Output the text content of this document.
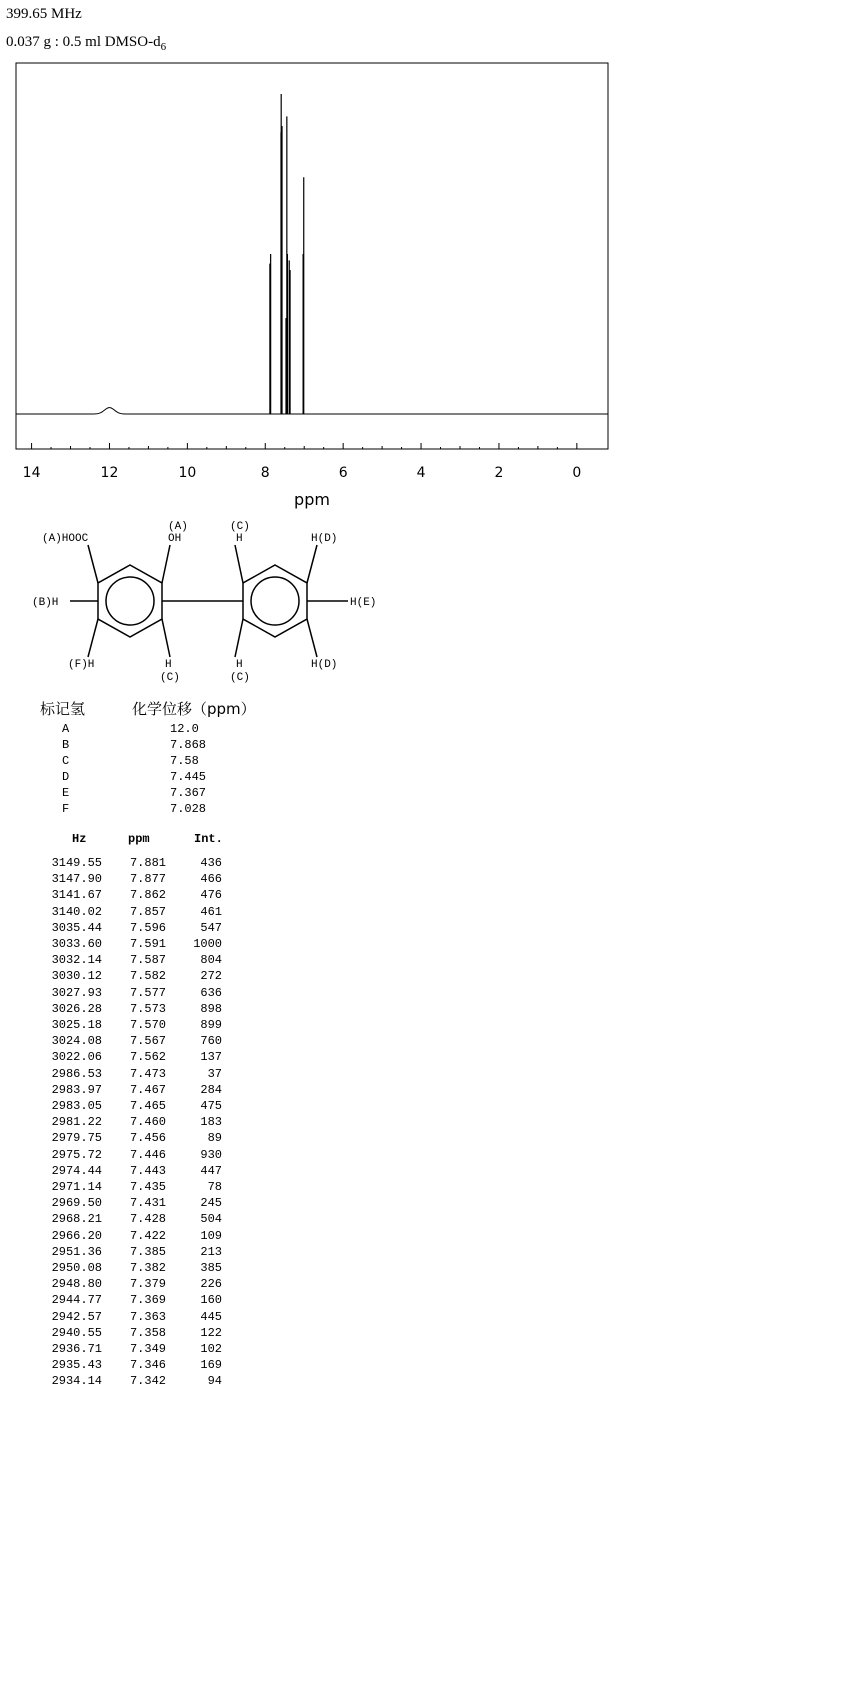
399.65 MHz
0.037 g : 0.5 ml DMSO-$d_6$
14	12	10	8	6	4	2	0
ppm
(A)HOOC
(A)
OH
(B)H
(F)H	H
(C)
(C)
H
H
(C)
H(D)
H(D)
H(E)
标记氢	化学位移（ppm）
A	12.0
B	7.868
C	7.58
D	7.445
E	7.367
F	7.028
Hz	ppm	Int.
3149.55	7.881	436
3147.90	7.877	466
3141.67	7.862	476
3140.02	7.857	461
3035.44	7.596	547
3033.60	7.591	1000
3032.14	7.587	804
3030.12	7.582	272
3027.93	7.577	636
3026.28	7.573	898
3025.18	7.570	899
3024.08	7.567	760
3022.06	7.562	137
2986.53	7.473	37
2983.97	7.467	284
2983.05	7.465	475
2981.22	7.460	183
2979.75	7.456	89
2975.72	7.446	930
2974.44	7.443	447
2971.14	7.435	78
2969.50	7.431	245
2968.21	7.428	504
2966.20	7.422	109
2951.36	7.385	213
2950.08	7.382	385
2948.80	7.379	226
2944.77	7.369	160
2942.57	7.363	445
2940.55	7.358	122
2936.71	7.349	102
2935.43	7.346	169
2934.14	7.342	94
